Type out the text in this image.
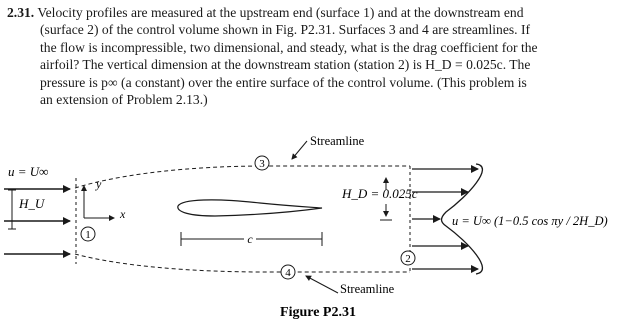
2.31. Velocity profiles are measured at the upstream end (surface 1) and at the downstream end
(surface 2) of the control volume shown in Fig. P2.31. Surfaces 3 and 4 are streamlines. If
the flow is incompressible, two dimensional, and steady, what is the drag coefficient for the
airfoil? The vertical dimension at the downstream station (station 2) is H_D = 0.025c. The
pressure is p∞ (a constant) over the entire surface of the control volume. (This problem is
an extension of Problem 2.13.)
u = U∞
H_U
y
x
1	c
3
Streamline
4
Streamline
H_D = 0.025c
2
u = U∞ (1−0.5 cos πy / 2H_D)
Figure P2.31
